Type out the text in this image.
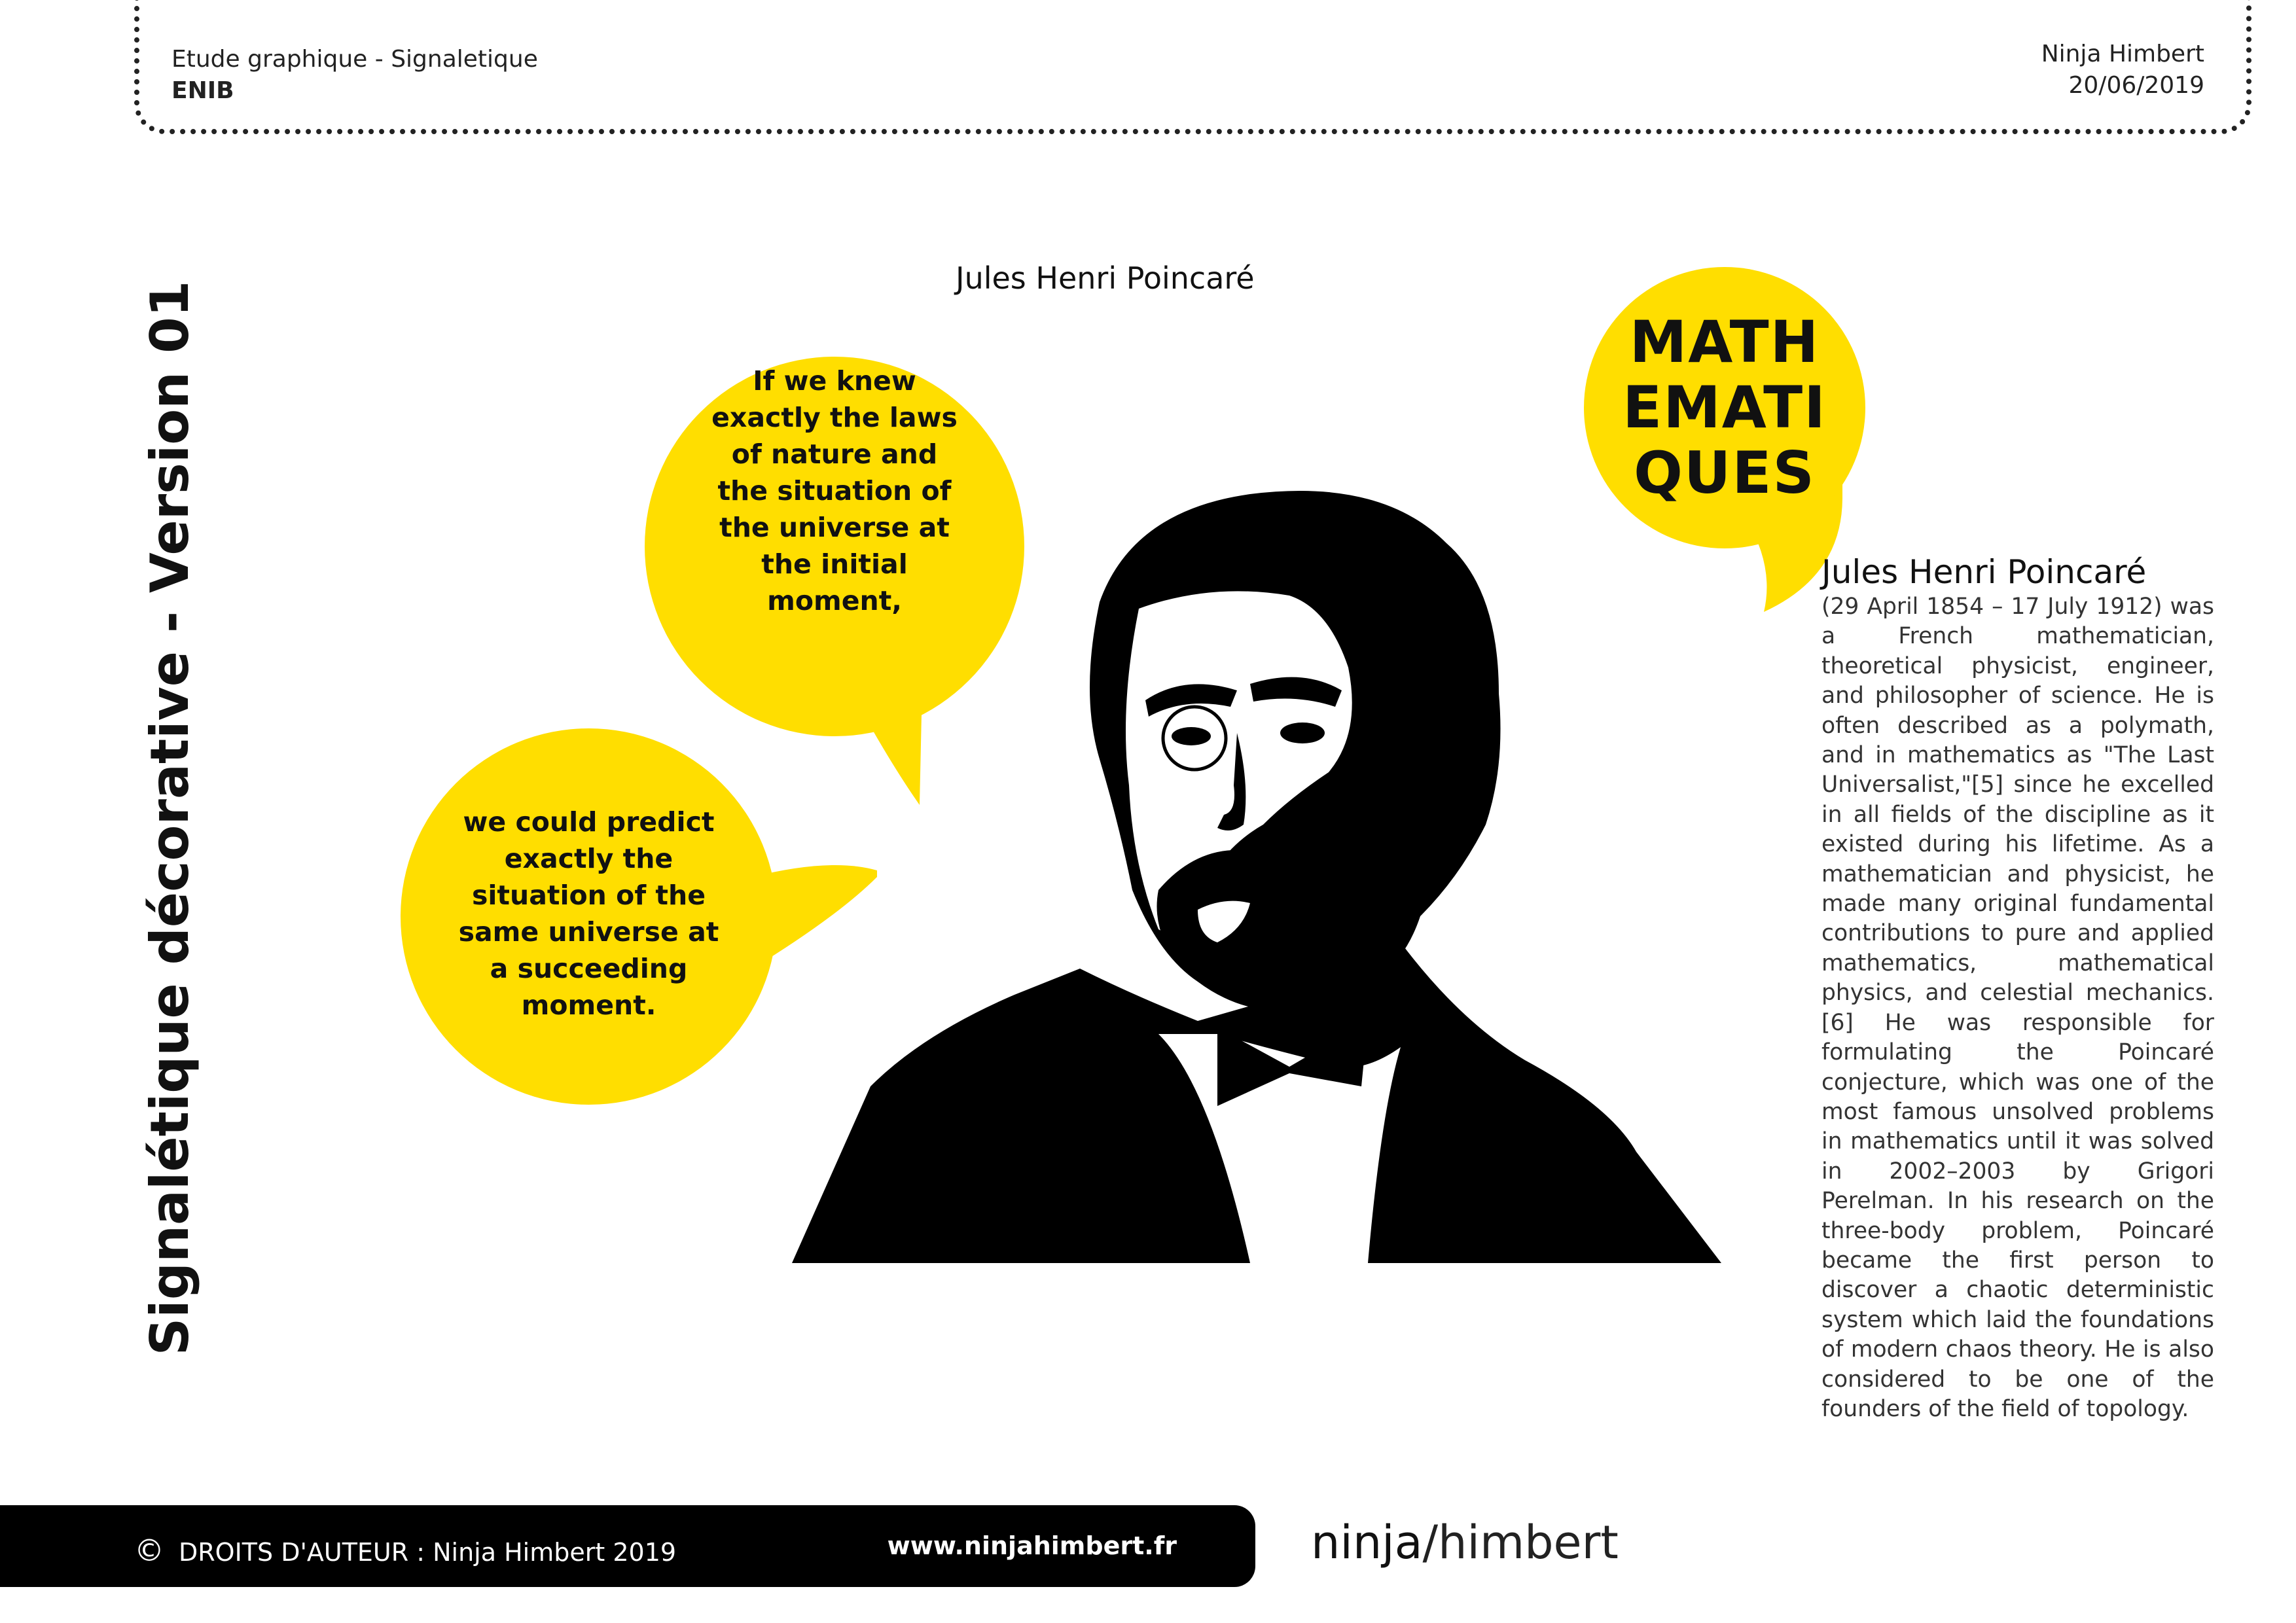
Etude graphique - Signaletique
ENIB
Ninja Himbert
20/06/2019
Signalétique décorative - Version 01
Jules Henri Poincaré
If we knew exactly the laws of nature and the situation of the universe at the initial moment,
we could predict exactly the situation of the same universe at a succeeding moment.
MATH
EMATI
QUES
Jules Henri Poincaré
(29 April 1854 – 17 July 1912) was a French mathematician, theoretical physicist, engineer, and philosopher of science. He is often described as a polymath, and in mathematics as "The Last Universalist,"[5] since he excelled in all fields of the discipline as it existed during his lifetime. As a mathematician and physicist, he made many original fundamental contributions to pure and applied mathematics, mathematical physics, and celestial mechanics.[6] He was responsible for formulating the Poincaré conjecture, which was one of the most famous unsolved problems in mathematics until it was solved in 2002–2003 by Grigori Perelman. In his research on the three-body problem, Poincaré became the first person to discover a chaotic deterministic system which laid the foundations of modern chaos theory. He is also considered to be one of the founders of the field of topology.
© DROITS D'AUTEUR : Ninja Himbert 2019	www.ninjahimbert.fr	ninja/himbert
